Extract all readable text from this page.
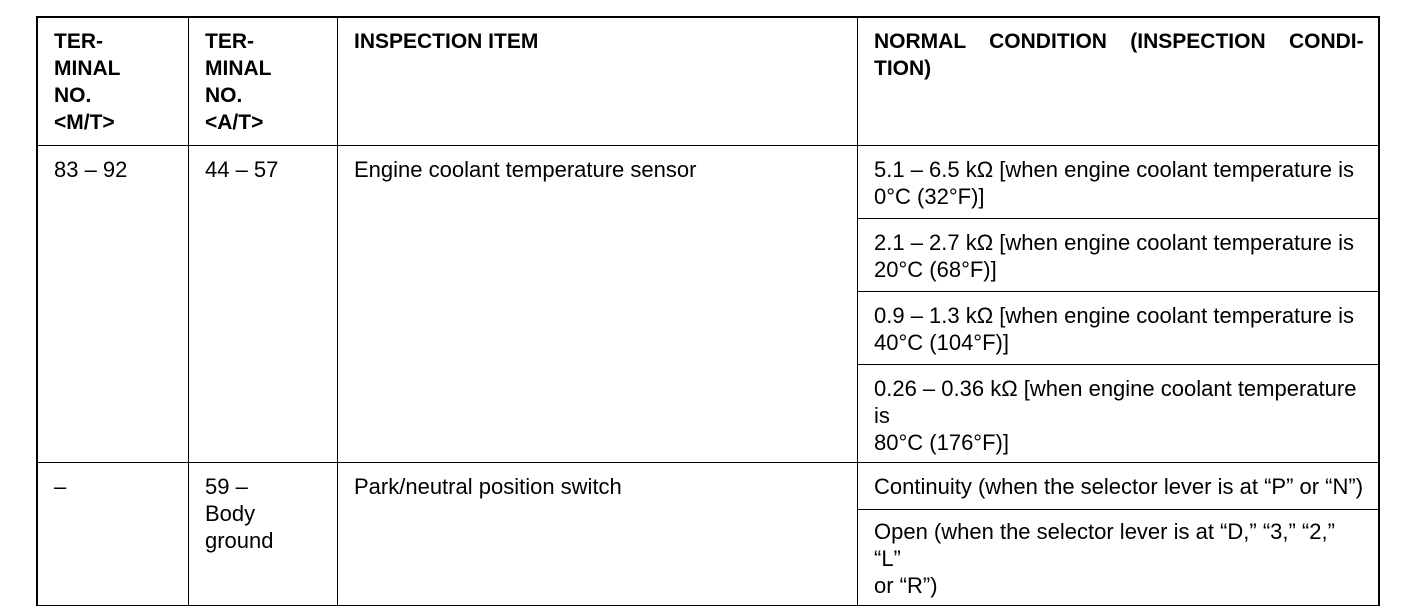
TER-
MINAL
NO.
<M/T>	TER-
MINAL
NO.
<A/T>	INSPECTION ITEM	NORMAL    CONDITION    (INSPECTION    CONDI-
TION)

83 – 92	44 – 57	Engine coolant temperature sensor	5.1 – 6.5 kΩ [when engine coolant temperature is
0°C (32°F)]

			2.1 – 2.7 kΩ [when engine coolant temperature is
20°C (68°F)]

			0.9 – 1.3 kΩ [when engine coolant temperature is
40°C (104°F)]

			0.26 – 0.36 kΩ [when engine coolant temperature is
80°C (176°F)]

–	59 –
Body
ground	Park/neutral position switch	Continuity (when the selector lever is at “P” or “N”)

			Open (when the selector lever is at “D,” “3,” “2,” “L”
or “R”)
